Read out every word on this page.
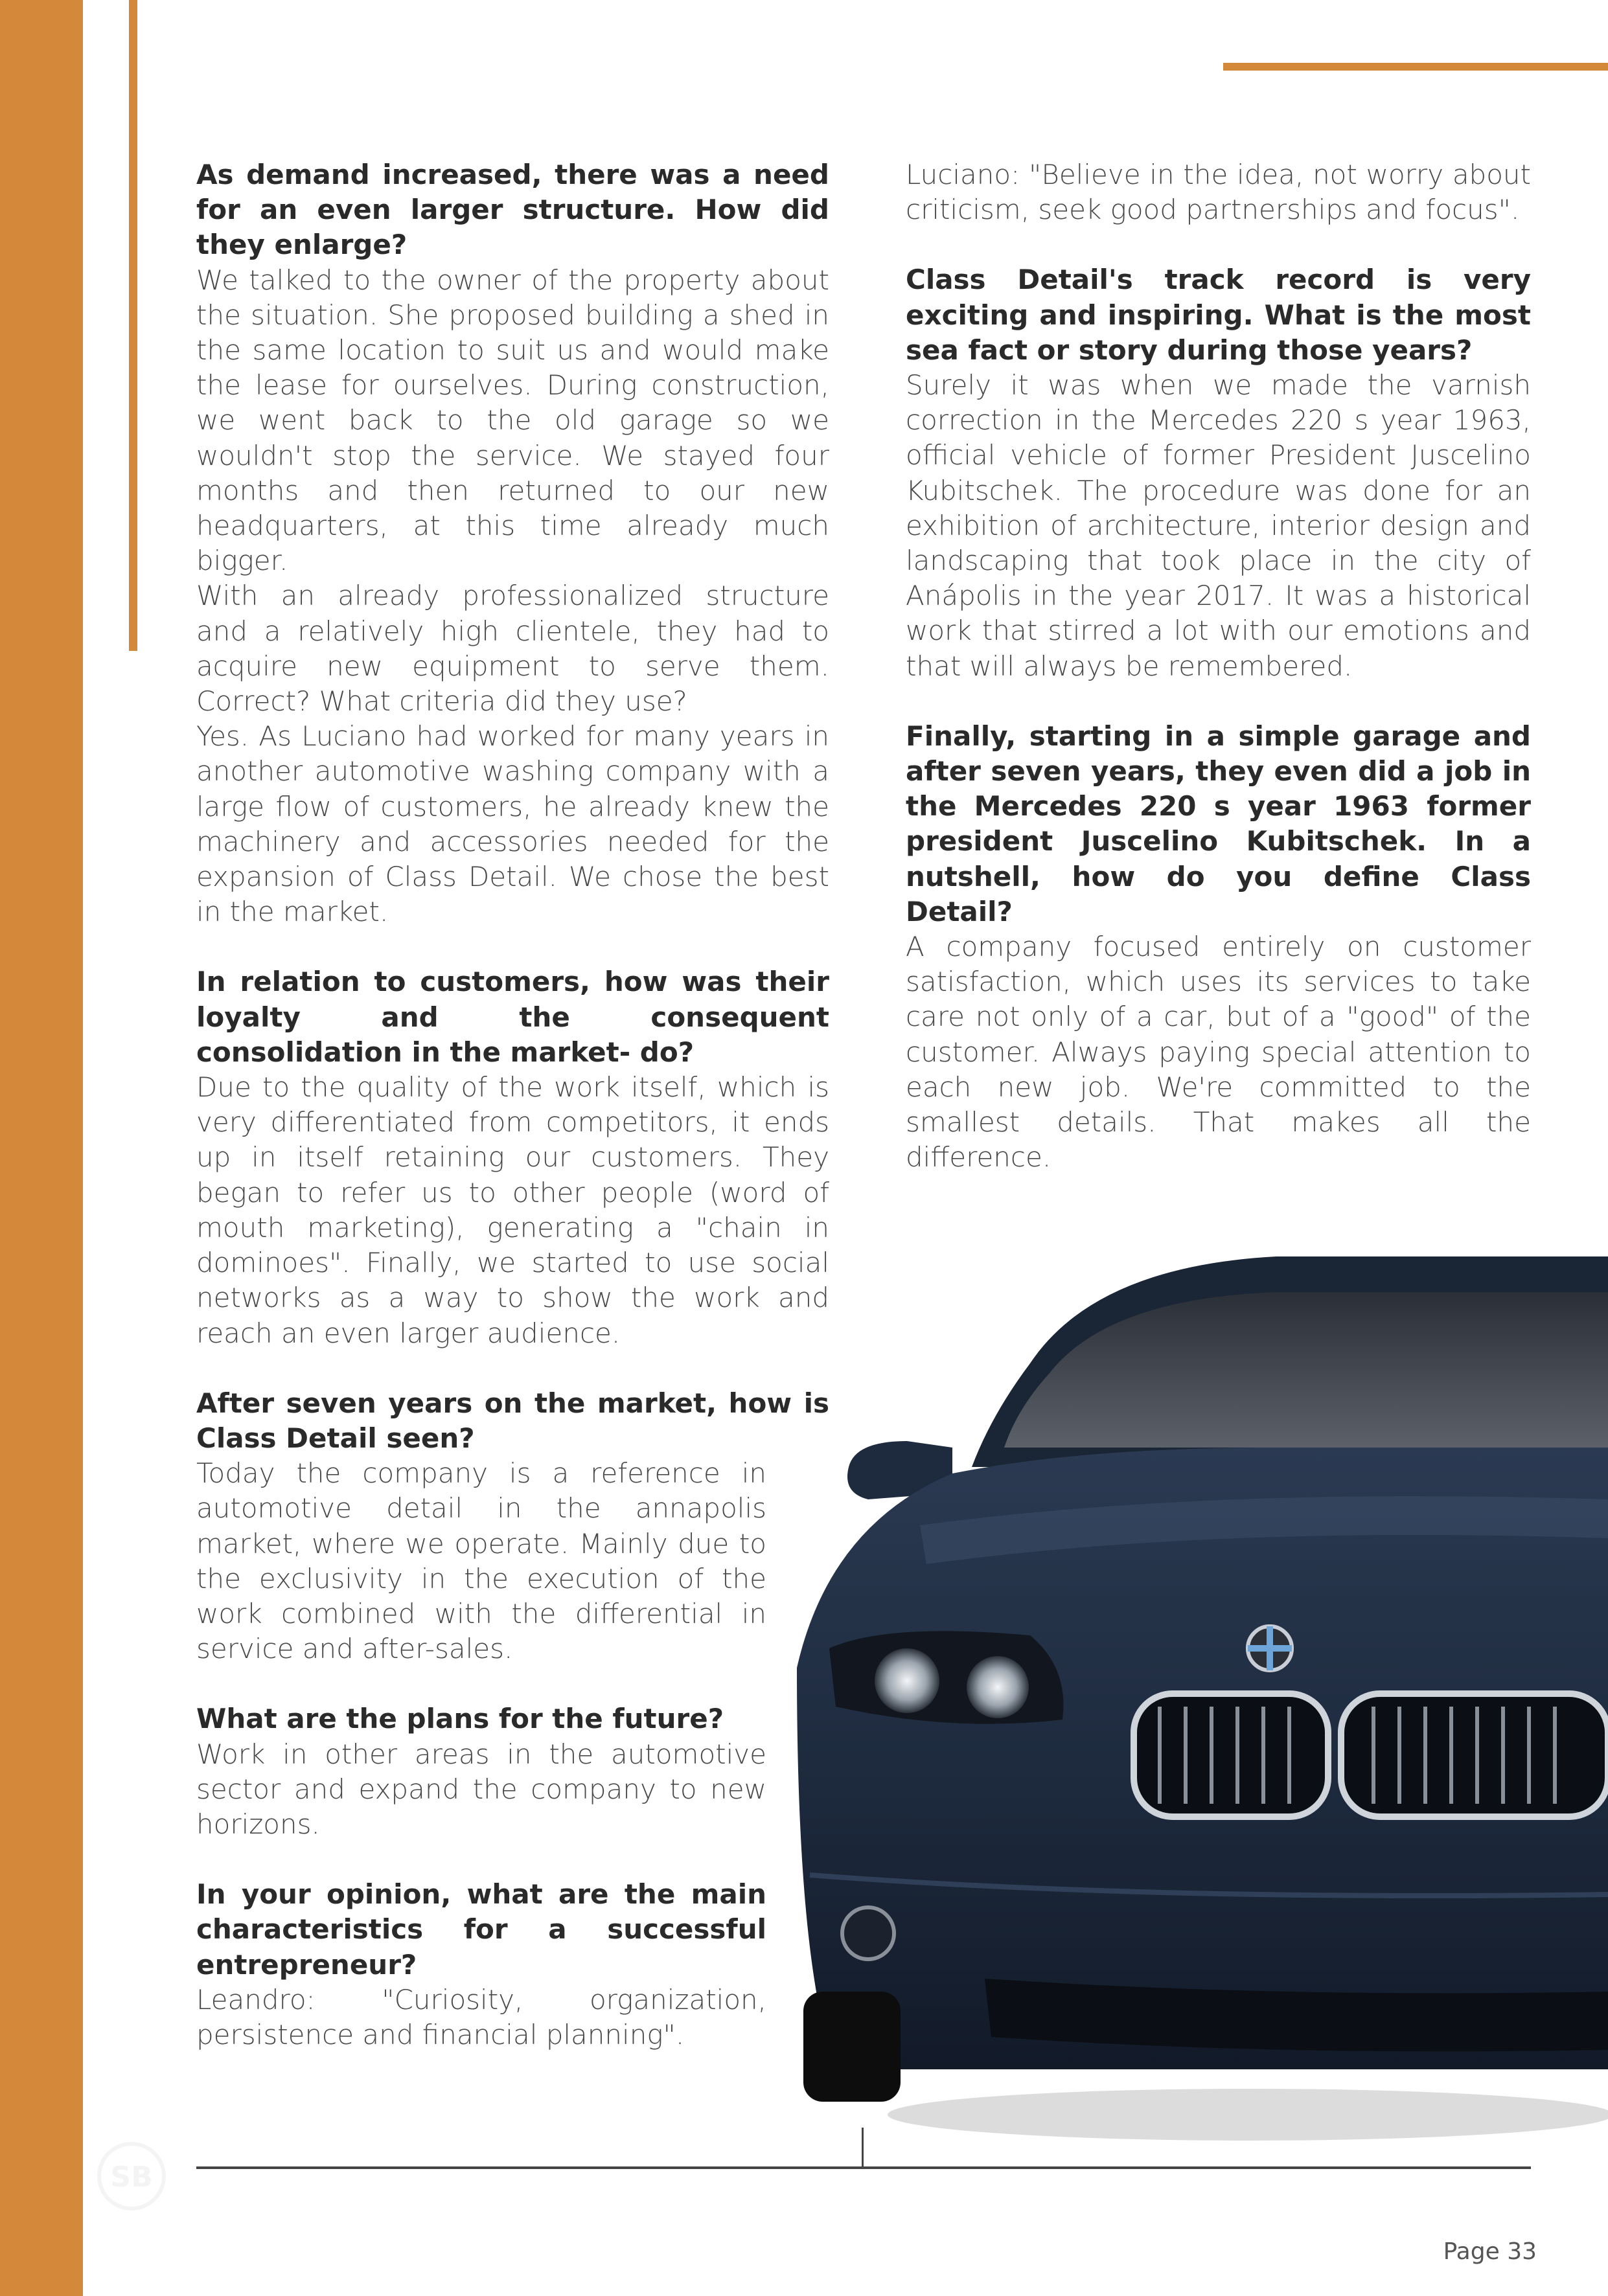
As demand increased, there was a need for an even larger structure. How did they enlarge?

We talked to the owner of the property about the situation. She proposed building a shed in the same location to suit us and would make the lease for ourselves. During construction, we went back to the old garage so we wouldn't stop the service. We stayed four months and then returned to our new headquarters, at this time already much bigger.

With an already professionalized structure and a relatively high clientele, they had to acquire new equipment to serve them. Correct? What criteria did they use?

Yes. As Luciano had worked for many years in another automotive washing company with a large flow of customers, he already knew the machinery and accessories needed for the expansion of Class Detail. We chose the best in the market.

In relation to customers, how was their loyalty and the consequent consolidation in the market- do?

Due to the quality of the work itself, which is very differentiated from competitors, it ends up in itself retaining our customers. They began to refer us to other people (word of mouth marketing), generating a "chain in dominoes". Finally, we started to use social networks as a way to show the work and reach an even larger audience.

After seven years on the market, how is Class Detail seen?

Today the company is a reference in automotive detail in the annapolis market, where we operate. Mainly due to the exclusivity in the execution of the work combined with the differential in service and after-sales.

What are the plans for the future?

Work in other areas in the automotive sector and expand the company to new horizons.

In your opinion, what are the main characteristics for a successful entrepreneur?

Leandro: "Curiosity, organization, persistence and financial planning".

Luciano: "Believe in the idea, not worry about criticism, seek good partnerships and focus".

Class Detail's track record is very exciting and inspiring. What is the most sea fact or story during those years?

Surely it was when we made the varnish correction in the Mercedes 220 s year 1963, official vehicle of former President Juscelino Kubitschek. The procedure was done for an exhibition of architecture, interior design and landscaping that took place in the city of Anápolis in the year 2017. It was a historical work that stirred a lot with our emotions and that will always be remembered.

Finally, starting in a simple garage and after seven years, they even did a job in the Mercedes 220 s year 1963 former president Juscelino Kubitschek. In a nutshell, how do you define Class Detail?

A company focused entirely on customer satisfaction, which uses its services to take care not only of a car, but of a "good" of the customer. Always paying special attention to each new job. We're committed to the smallest details. That makes all the difference.

SB
Page 33
